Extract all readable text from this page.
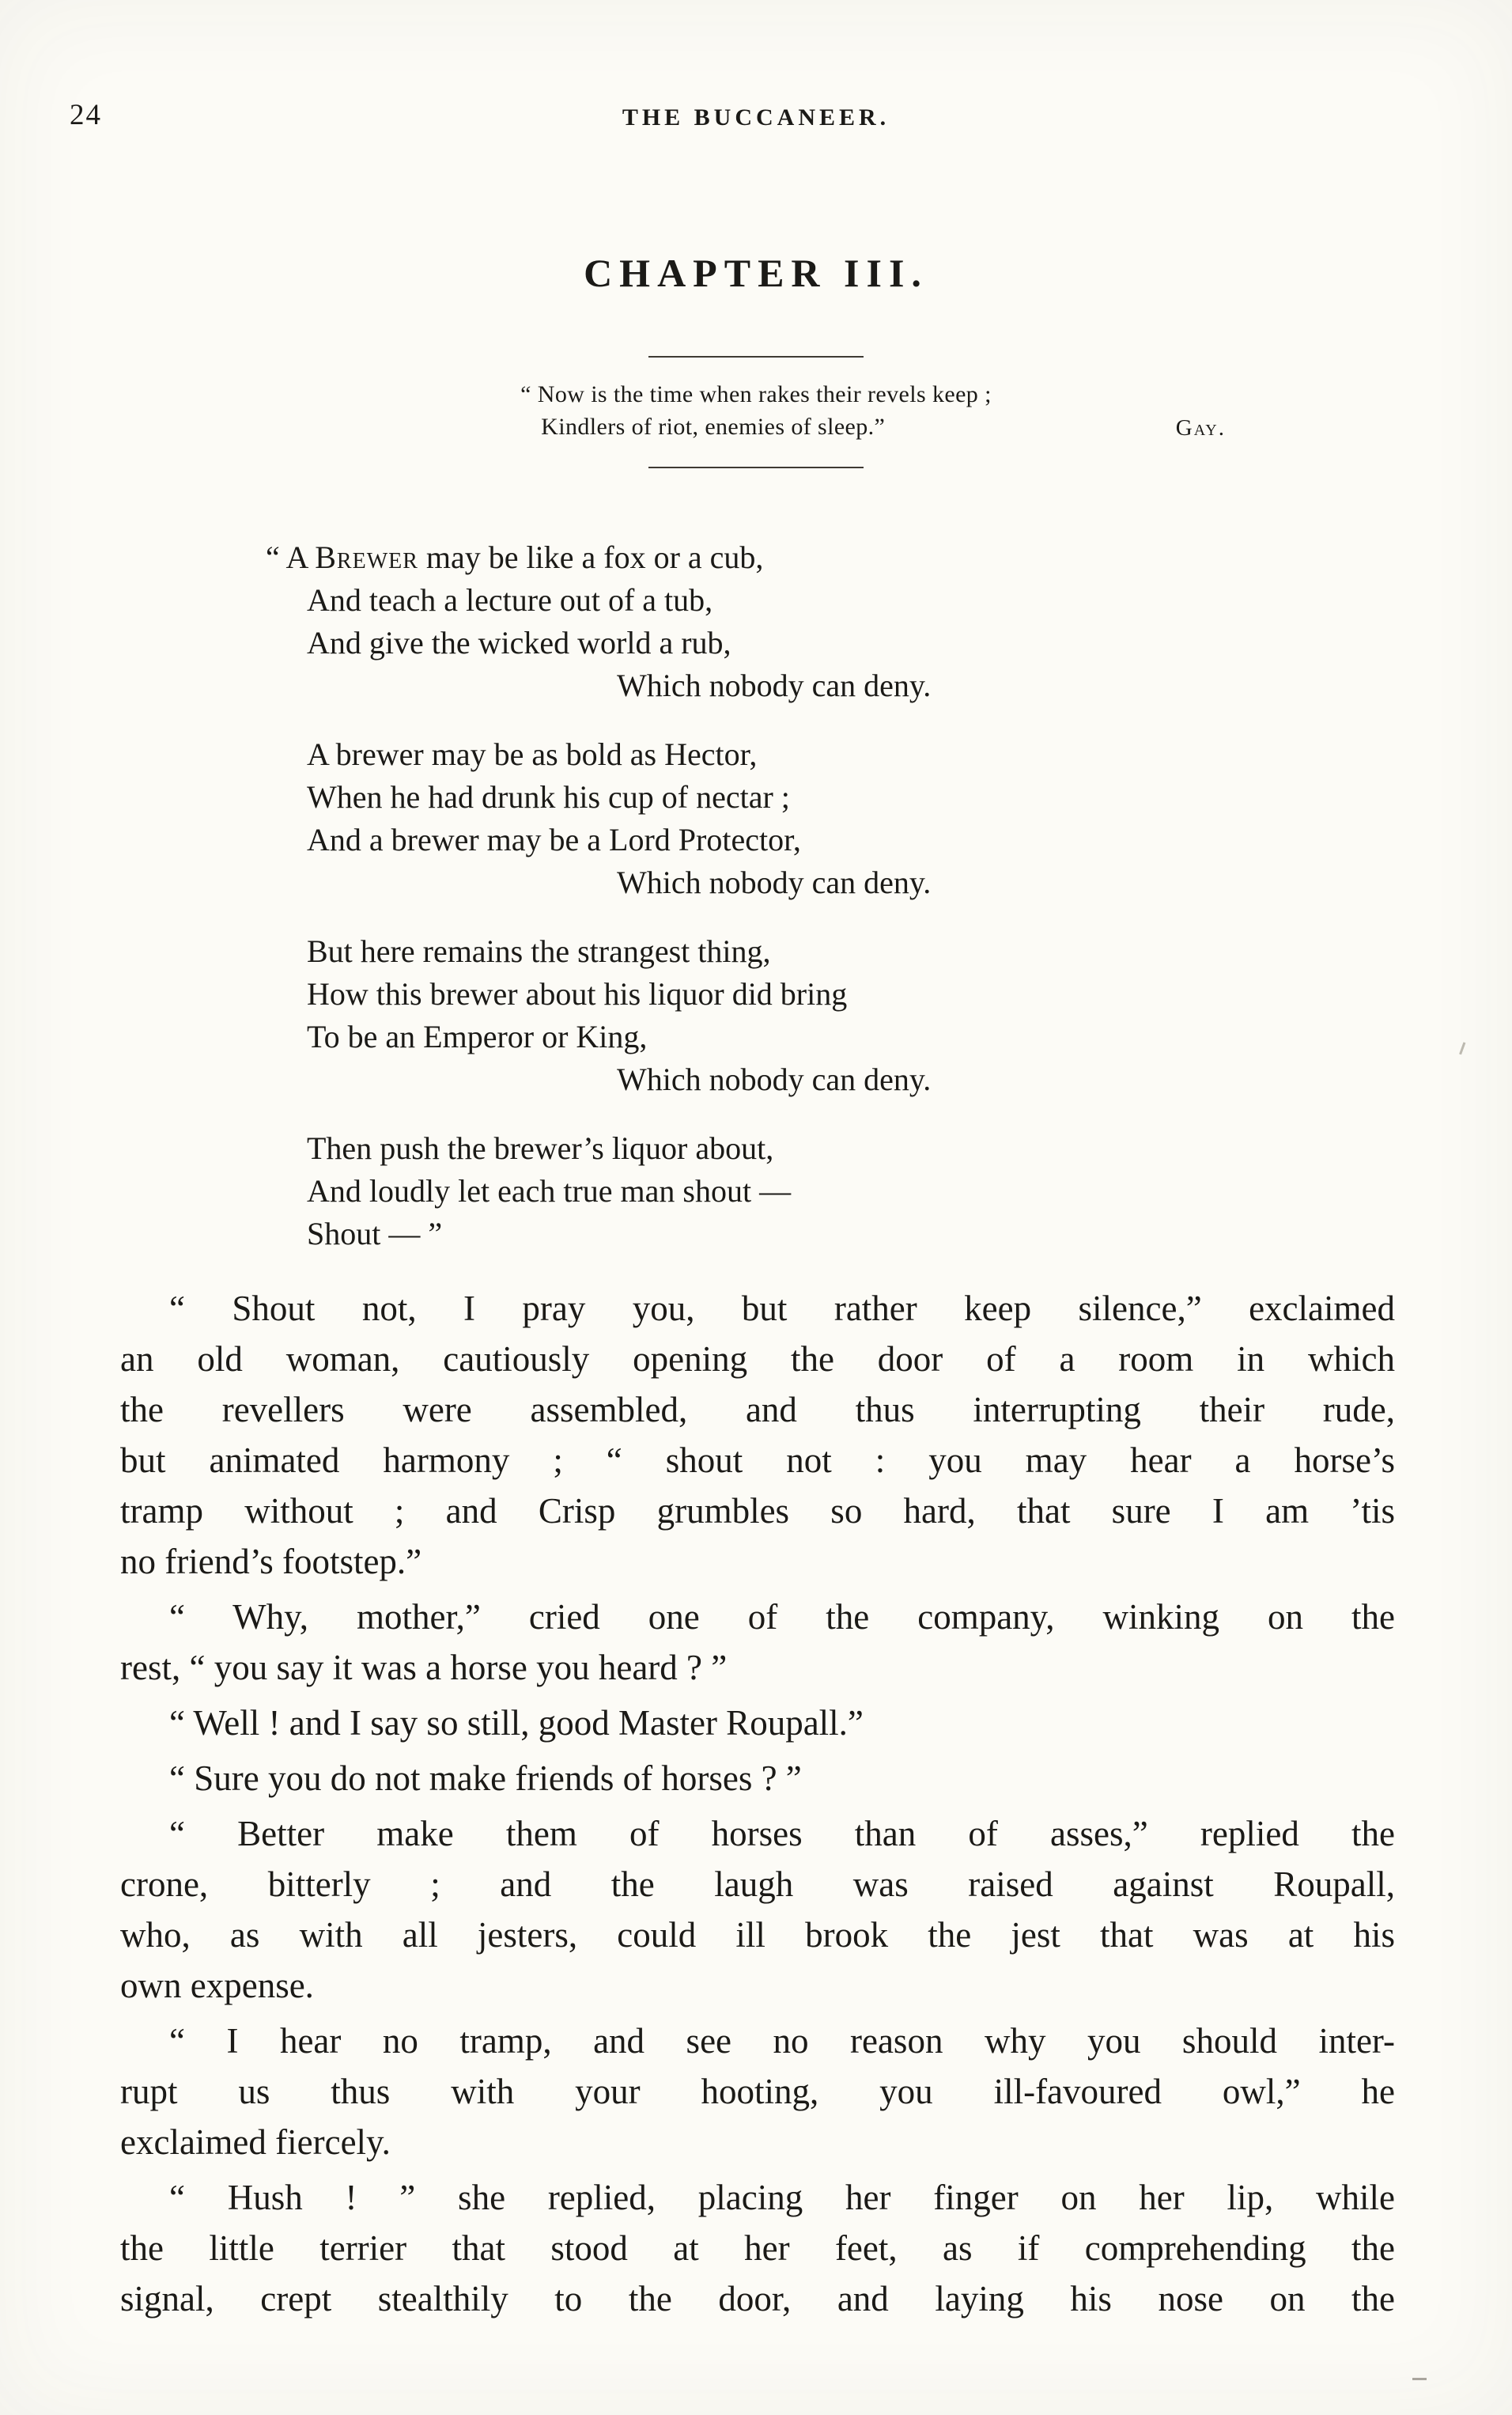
24	THE BUCCANEER.
CHAPTER III.
“ Now is the time when rakes their revels keep ;
Kindlers of riot, enemies of sleep.”	Gay.
“ A Brewer may be like a fox or a cub,
And teach a lecture out of a tub,
And give the wicked world a rub,
Which nobody can deny.
A brewer may be as bold as Hector,
When he had drunk his cup of nectar ;
And a brewer may be a Lord Protector,
Which nobody can deny.
But here remains the strangest thing,
How this brewer about his liquor did bring
To be an Emperor or King,
Which nobody can deny.
Then push the brewer’s liquor about,
And loudly let each true man shout —
Shout — ”
“ Shout not, I pray you, but rather keep silence,” exclaimed
an old woman, cautiously opening the door of a room in which
the revellers were assembled, and thus interrupting their rude,
but animated harmony ; “ shout not : you may hear a horse’s
tramp without ; and Crisp grumbles so hard, that sure I am ’tis
no friend’s footstep.”
“ Why, mother,” cried one of the company, winking on the
rest, “ you say it was a horse you heard ? ”
“ Well ! and I say so still, good Master Roupall.”
“ Sure you do not make friends of horses ? ”
“ Better make them of horses than of asses,” replied the
crone, bitterly ; and the laugh was raised against Roupall,
who, as with all jesters, could ill brook the jest that was at his
own expense.
“ I hear no tramp, and see no reason why you should inter-
rupt us thus with your hooting, you ill-favoured owl,” he
exclaimed fiercely.
“ Hush ! ” she replied, placing her finger on her lip, while
the little terrier that stood at her feet, as if comprehending the
signal, crept stealthily to the door, and laying his nose on the
